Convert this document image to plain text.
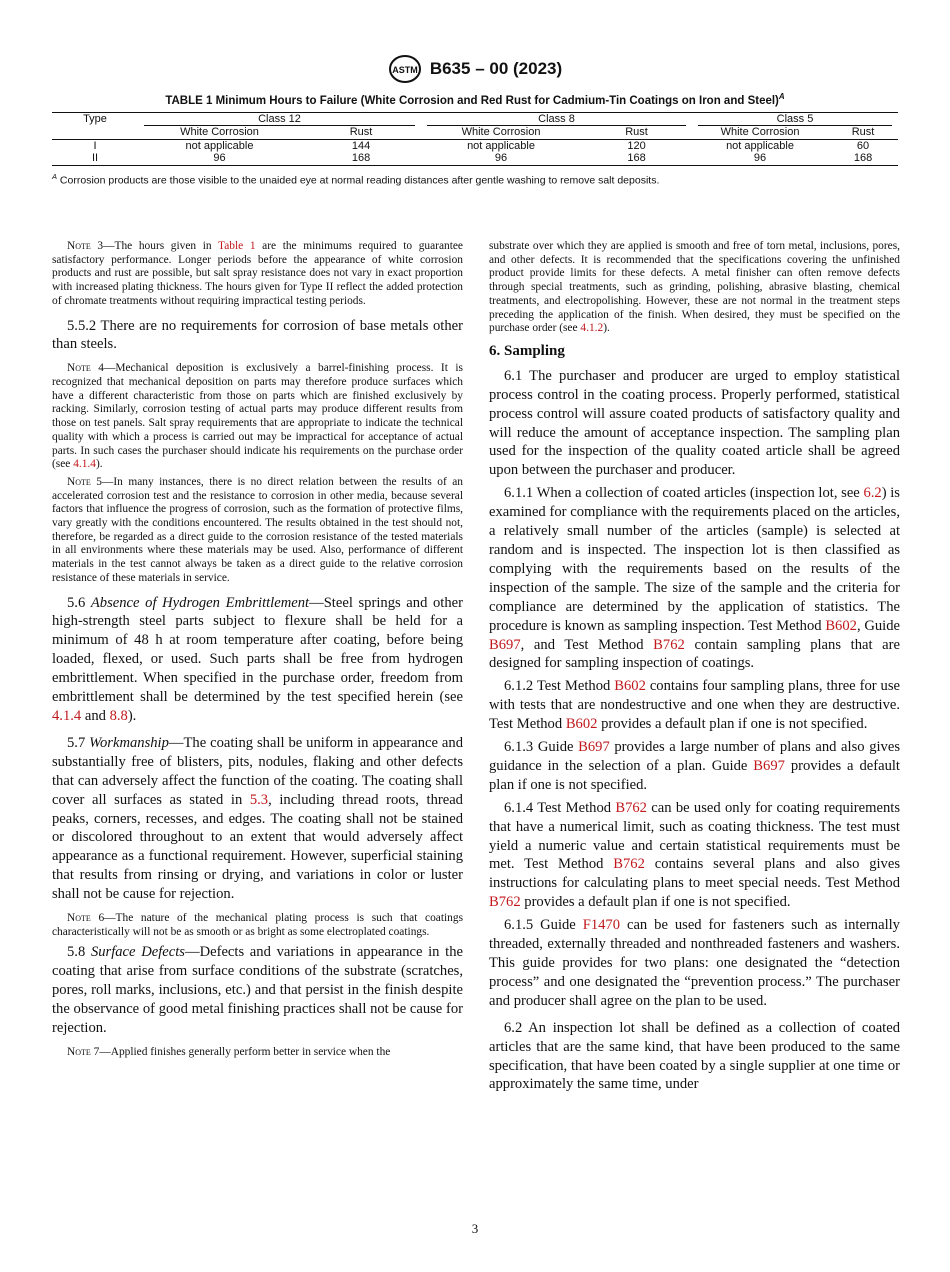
ASTM B635 – 00 (2023)
TABLE 1 Minimum Hours to Failure (White Corrosion and Red Rust for Cadmium-Tin Coatings on Iron and Steel)$^A$
Type	Class 12		Class 8		Class 5	

	White Corrosion	Rust	White Corrosion	Rust	White Corrosion	Rust
I	not applicable	144	not applicable	120	not applicable	60
II	96	168	96	168	96	168
$^A$ Corrosion products are those visible to the unaided eye at normal reading distances after gentle washing to remove salt deposits.

Note 3—The hours given in Table 1 are the minimums required to guarantee satisfactory performance. Longer periods before the appearance of white corrosion products and rust are possible, but salt spray resistance does not vary in exact proportion with increased plating thickness. The hours given for Type II reflect the added protection of chromate treatments without requiring impractical testing periods.

5.5.2 There are no requirements for corrosion of base metals other than steels.

Note 4—Mechanical deposition is exclusively a barrel-finishing process. It is recognized that mechanical deposition on parts may therefore produce surfaces which have a different characteristic from those on parts which are finished exclusively by racking. Similarly, corrosion testing of actual parts may produce different results from those on test panels. Salt spray requirements that are appropriate to indicate the technical quality with which a process is carried out may be impractical for acceptance of actual parts. In such cases the purchaser should indicate his requirements on the purchase order (see 4.1.4).

Note 5—In many instances, there is no direct relation between the results of an accelerated corrosion test and the resistance to corrosion in other media, because several factors that influence the progress of corrosion, such as the formation of protective films, vary greatly with the conditions encountered. The results obtained in the test should not, therefore, be regarded as a direct guide to the corrosion resistance of the tested materials in all environments where these materials may be used. Also, performance of different materials in the test cannot always be taken as a direct guide to the relative corrosion resistance of these materials in service.

5.6 Absence of Hydrogen Embrittlement—Steel springs and other high-strength steel parts subject to flexure shall be held for a minimum of 48 h at room temperature after coating, before being loaded, flexed, or used. Such parts shall be free from hydrogen embrittlement. When specified in the purchase order, freedom from embrittlement shall be determined by the test specified herein (see 4.1.4 and 8.8).

5.7 Workmanship—The coating shall be uniform in appearance and substantially free of blisters, pits, nodules, flaking and other defects that can adversely affect the function of the coating. The coating shall cover all surfaces as stated in 5.3, including thread roots, thread peaks, corners, recesses, and edges. The coating shall not be stained or discolored throughout to an extent that would adversely affect appearance as a functional requirement. However, superficial staining that results from rinsing or drying, and variations in color or luster shall not be cause for rejection.

Note 6—The nature of the mechanical plating process is such that coatings characteristically will not be as smooth or as bright as some electroplated coatings.

5.8 Surface Defects—Defects and variations in appearance in the coating that arise from surface conditions of the substrate (scratches, pores, roll marks, inclusions, etc.) and that persist in the finish despite the observance of good metal finishing practices shall not be cause for rejection.

Note 7—Applied finishes generally perform better in service when the

substrate over which they are applied is smooth and free of torn metal, inclusions, pores, and other defects. It is recommended that the specifications covering the unfinished product provide limits for these defects. A metal finisher can often remove defects through special treatments, such as grinding, polishing, abrasive blasting, chemical treatments, and electropolishing. However, these are not normal in the treatment steps preceding the application of the finish. When desired, they must be specified on the purchase order (see 4.1.2).

6. Sampling

6.1 The purchaser and producer are urged to employ statistical process control in the coating process. Properly performed, statistical process control will assure coated products of satisfactory quality and will reduce the amount of acceptance inspection. The sampling plan used for the inspection of the quality coated article shall be agreed upon between the purchaser and producer.

6.1.1 When a collection of coated articles (inspection lot, see 6.2) is examined for compliance with the requirements placed on the articles, a relatively small number of the articles (sample) is selected at random and is inspected. The inspection lot is then classified as complying with the requirements based on the results of the inspection of the sample. The size of the sample and the criteria for compliance are determined by the application of statistics. The procedure is known as sampling inspection. Test Method B602, Guide B697, and Test Method B762 contain sampling plans that are designed for sampling inspection of coatings.

6.1.2 Test Method B602 contains four sampling plans, three for use with tests that are nondestructive and one when they are destructive. Test Method B602 provides a default plan if one is not specified.

6.1.3 Guide B697 provides a large number of plans and also gives guidance in the selection of a plan. Guide B697 provides a default plan if one is not specified.

6.1.4 Test Method B762 can be used only for coating requirements that have a numerical limit, such as coating thickness. The test must yield a numeric value and certain statistical requirements must be met. Test Method B762 contains several plans and also gives instructions for calculating plans to meet special needs. Test Method B762 provides a default plan if one is not specified.

6.1.5 Guide F1470 can be used for fasteners such as internally threaded, externally threaded and nonthreaded fasteners and washers. This guide provides for two plans: one designated the “detection process” and one designated the “prevention process.” The purchaser and producer shall agree on the plan to be used.

6.2 An inspection lot shall be defined as a collection of coated articles that are the same kind, that have been produced to the same specification, that have been coated by a single supplier at one time or approximately the same time, under

3
